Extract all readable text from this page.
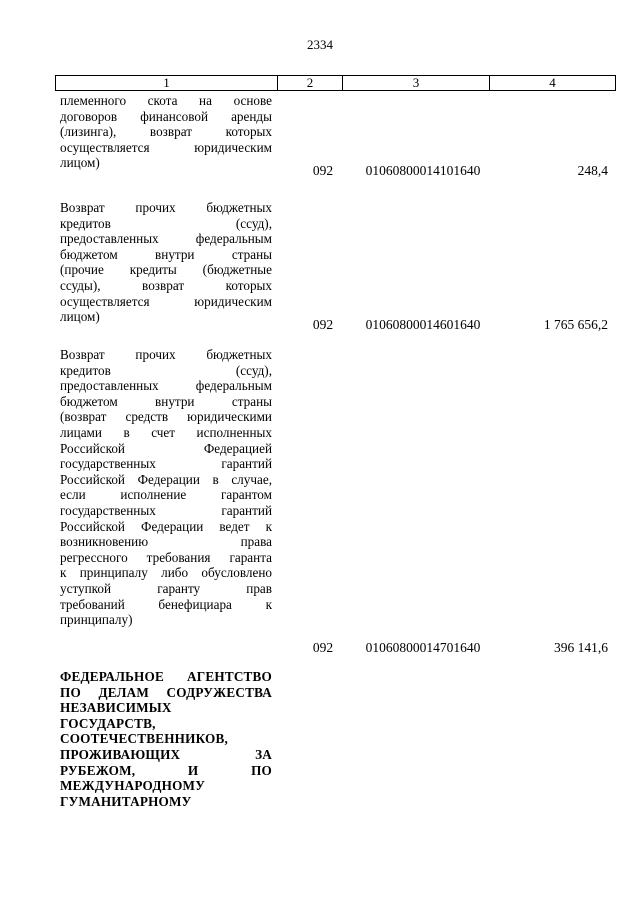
2334
1	2	3	4
племенного скота на основе
договоров финансовой аренды
(лизинга), возврат которых
осуществляется юридическим
лицом)
092	01060800014101640	248,4
Возврат прочих бюджетных
кредитов (ссуд),
предоставленных федеральным
бюджетом внутри страны
(прочие кредиты (бюджетные
ссуды), возврат которых
осуществляется юридическим
лицом)
092	01060800014601640	1 765 656,2
Возврат прочих бюджетных
кредитов (ссуд),
предоставленных федеральным
бюджетом внутри страны
(возврат средств юридическими
лицами в счет исполненных
Российской Федерацией
государственных гарантий
Российской Федерации в случае,
если исполнение гарантом
государственных гарантий
Российской Федерации ведет к
возникновению права
регрессного требования гаранта
к принципалу либо обусловлено
уступкой гаранту прав
требований бенефициара к
принципалу)
092	01060800014701640	396 141,6
ФЕДЕРАЛЬНОЕ АГЕНТСТВО
ПО ДЕЛАМ СОДРУЖЕСТВА
НЕЗАВИСИМЫХ
ГОСУДАРСТВ,
СООТЕЧЕСТВЕННИКОВ,
ПРОЖИВАЮЩИХ ЗА
РУБЕЖОМ, И ПО
МЕЖДУНАРОДНОМУ
ГУМАНИТАРНОМУ
